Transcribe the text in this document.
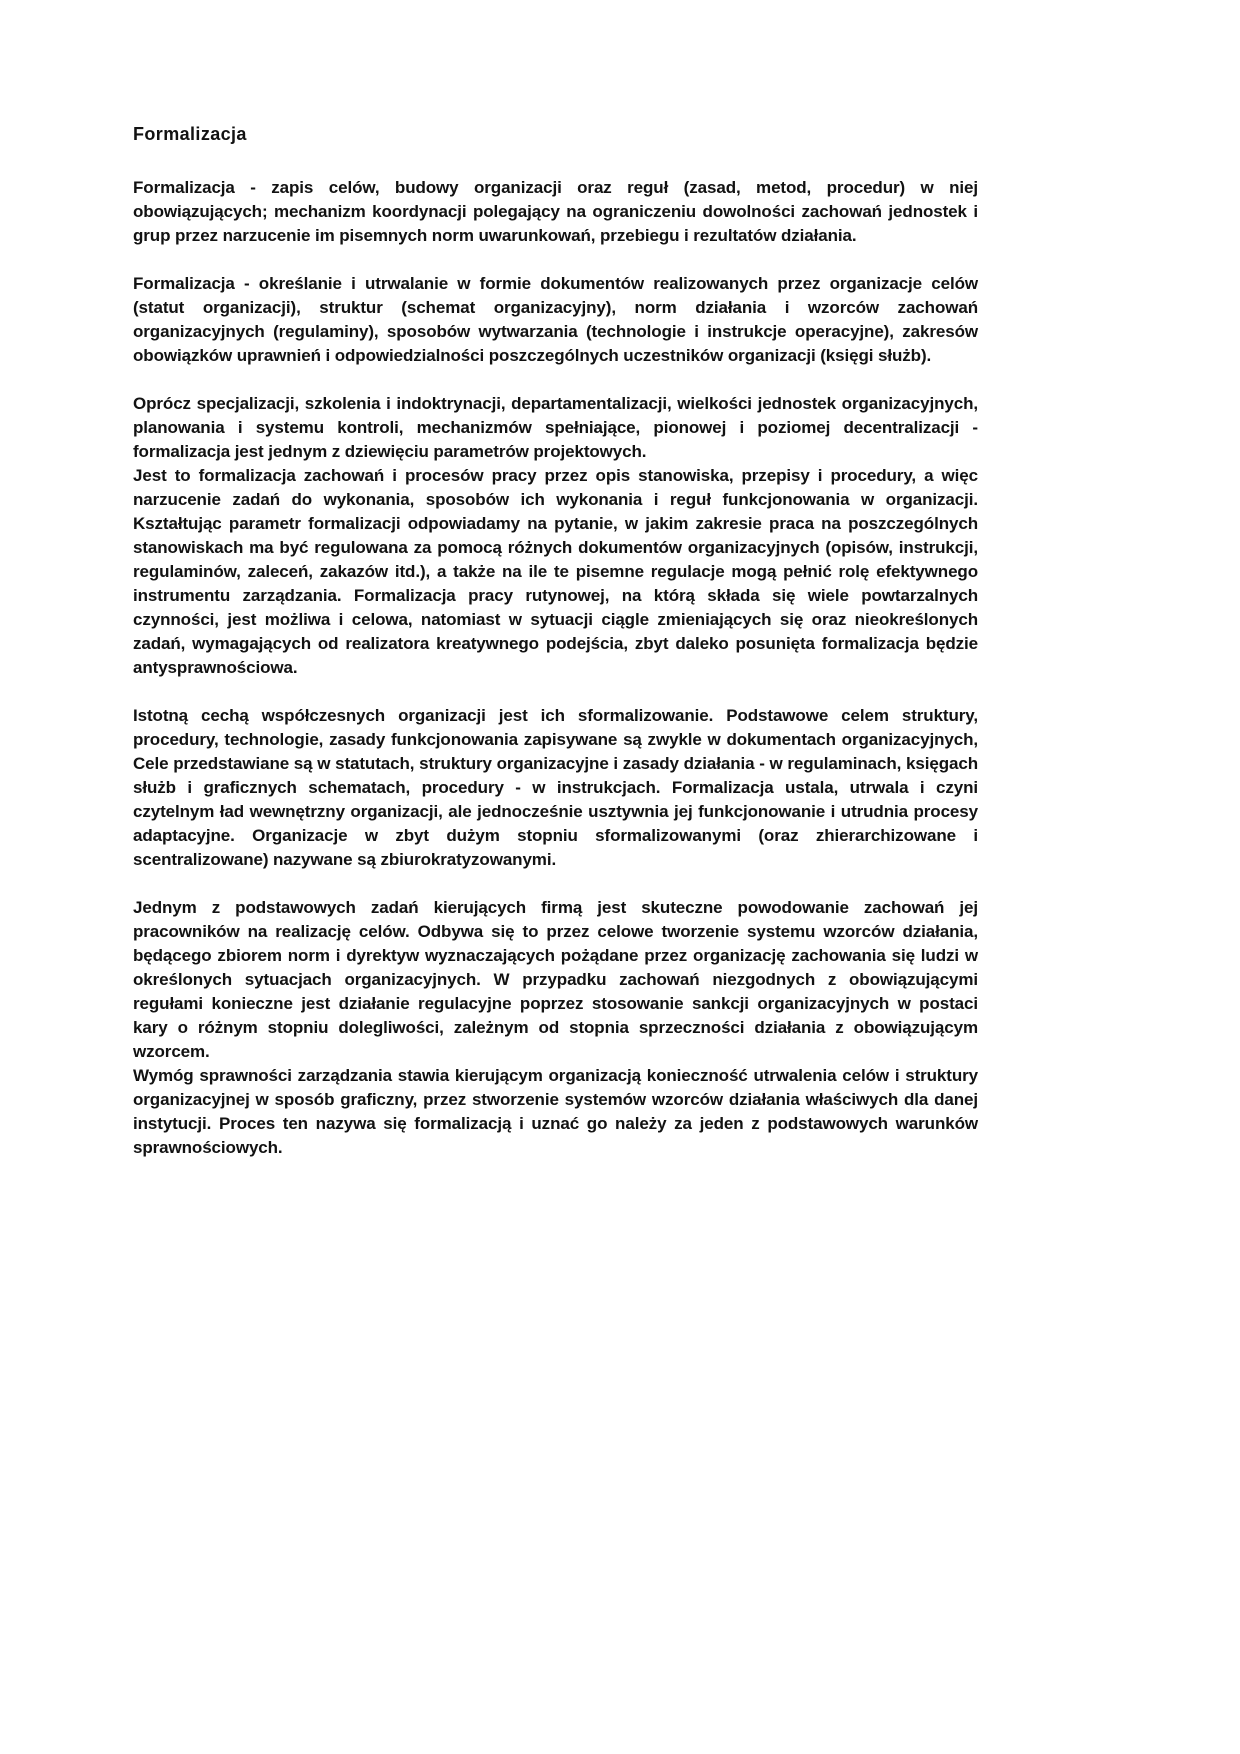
Formalizacja

Formalizacja - zapis celów, budowy organizacji oraz reguł (zasad, metod, procedur) w niej obowiązujących; mechanizm koordynacji polegający na ograniczeniu dowolności zachowań jednostek i grup przez narzucenie im pisemnych norm uwarunkowań, przebiegu i rezultatów działania.

Formalizacja - określanie i utrwalanie w formie dokumentów realizowanych przez organizacje celów (statut organizacji), struktur (schemat organizacyjny), norm działania i wzorców zachowań organizacyjnych (regulaminy), sposobów wytwarzania (technologie i instrukcje operacyjne), zakresów obowiązków uprawnień i odpowiedzialności poszczególnych uczestników organizacji (księgi służb).

Oprócz specjalizacji, szkolenia i indoktrynacji, departamentalizacji, wielkości jednostek organizacyjnych, planowania i systemu kontroli, mechanizmów spełniające, pionowej i poziomej decentralizacji - formalizacja jest jednym z dziewięciu parametrów projektowych.

Jest to formalizacja zachowań i procesów pracy przez opis stanowiska, przepisy i procedury, a więc narzucenie zadań do wykonania, sposobów ich wykonania i reguł funkcjonowania w organizacji. Kształtując parametr formalizacji odpowiadamy na pytanie, w jakim zakresie praca na poszczególnych stanowiskach ma być regulowana za pomocą różnych dokumentów organizacyjnych (opisów, instrukcji, regulaminów, zaleceń, zakazów itd.), a także na ile te pisemne regulacje mogą pełnić rolę efektywnego instrumentu zarządzania. Formalizacja pracy rutynowej, na którą składa się wiele powtarzalnych czynności, jest możliwa i celowa, natomiast w sytuacji ciągle zmieniających się oraz nieokreślonych zadań, wymagających od realizatora kreatywnego podejścia, zbyt daleko posunięta formalizacja będzie antysprawnościowa.

Istotną cechą współczesnych organizacji jest ich sformalizowanie. Podstawowe celem struktury, procedury, technologie, zasady funkcjonowania zapisywane są zwykle w dokumentach organizacyjnych, Cele przedstawiane są w statutach, struktury organizacyjne i zasady działania - w regulaminach, księgach służb i graficznych schematach, procedury - w instrukcjach. Formalizacja ustala, utrwala i czyni czytelnym ład wewnętrzny organizacji, ale jednocześnie usztywnia jej funkcjonowanie i utrudnia procesy adaptacyjne. Organizacje w zbyt dużym stopniu sformalizowanymi (oraz zhierarchizowane i scentralizowane) nazywane są zbiurokratyzowanymi.

Jednym z podstawowych zadań kierujących firmą jest skuteczne powodowanie zachowań jej pracowników na realizację celów. Odbywa się to przez celowe tworzenie systemu wzorców działania, będącego zbiorem norm i dyrektyw wyznaczających pożądane przez organizację zachowania się ludzi w określonych sytuacjach organizacyjnych. W przypadku zachowań niezgodnych z obowiązującymi regułami konieczne jest działanie regulacyjne poprzez stosowanie sankcji organizacyjnych w postaci kary o różnym stopniu dolegliwości, zależnym od stopnia sprzeczności działania z obowiązującym wzorcem.

Wymóg sprawności zarządzania stawia kierującym organizacją konieczność utrwalenia celów i struktury organizacyjnej w sposób graficzny, przez stworzenie systemów wzorców działania właściwych dla danej instytucji. Proces ten nazywa się formalizacją i uznać go należy za jeden z podstawowych warunków sprawnościowych.
